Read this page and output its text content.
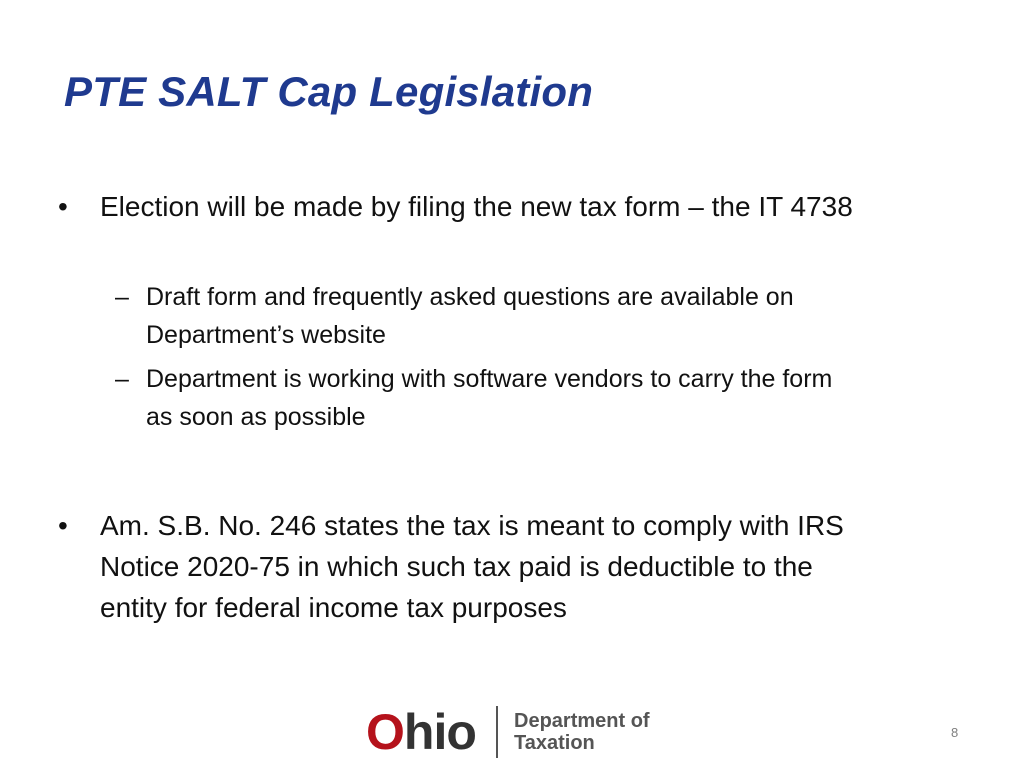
PTE SALT Cap Legislation
•	Election will be made by filing the new tax form – the IT 4738
– Draft form and frequently asked questions are available on
Department’s website
– Department is working with software vendors to carry the form
as soon as possible
•	Am. S.B. No. 246 states the tax is meant to comply with IRS
Notice 2020-75 in which such tax paid is deductible to the
entity for federal income tax purposes
Ohio Department of
Taxation	8
